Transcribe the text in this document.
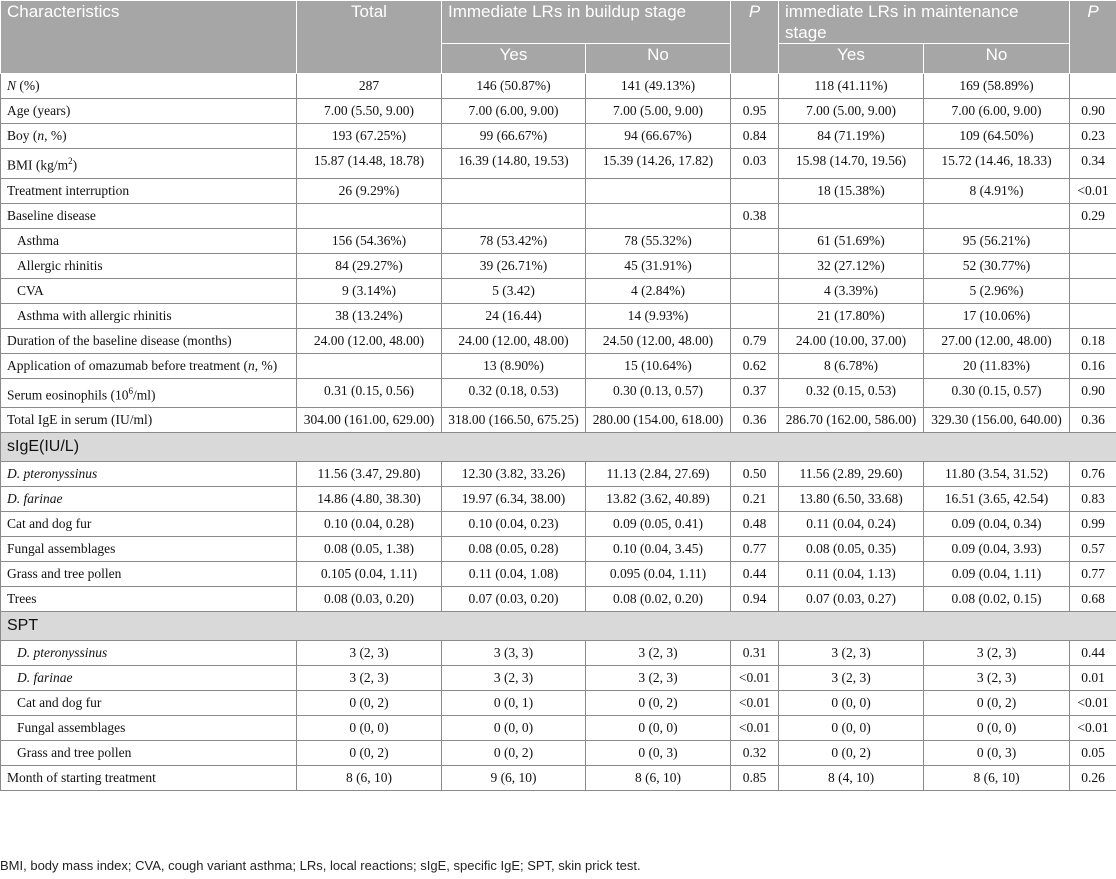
Characteristics	Total	Immediate LRs in buildup stage		P	immediate LRs in maintenance stage		P
		Yes	No		Yes	No	
N (%)	287	146 (50.87%)	141 (49.13%)		118 (41.11%)	169 (58.89%)	
Age (years)	7.00 (5.50, 9.00)	7.00 (6.00, 9.00)	7.00 (5.00, 9.00)	0.95	7.00 (5.00, 9.00)	7.00 (6.00, 9.00)	0.90
Boy (n, %)	193 (67.25%)	99 (66.67%)	94 (66.67%)	0.84	84 (71.19%)	109 (64.50%)	0.23
BMI $(kg/m^2)$	15.87 (14.48, 18.78)	16.39 (14.80, 19.53)	15.39 (14.26, 17.82)	0.03	15.98 (14.70, 19.56)	15.72 (14.46, 18.33)	0.34
Treatment interruption	26 (9.29%)				18 (15.38%)	8 (4.91%)	<0.01
Baseline disease				0.38			0.29
Asthma	156 (54.36%)	78 (53.42%)	78 (55.32%)		61 (51.69%)	95 (56.21%)	
Allergic rhinitis	84 (29.27%)	39 (26.71%)	45 (31.91%)		32 (27.12%)	52 (30.77%)	
CVA	9 (3.14%)	5 (3.42)	4 (2.84%)		4 (3.39%)	5 (2.96%)	
Asthma with allergic rhinitis	38 (13.24%)	24 (16.44)	14 (9.93%)		21 (17.80%)	17 (10.06%)	
Duration of the baseline disease (months)	24.00 (12.00, 48.00)	24.00 (12.00, 48.00)	24.50 (12.00, 48.00)	0.79	24.00 (10.00, 37.00)	27.00 (12.00, 48.00)	0.18
Application of omazumab before treatment (n, %)		13 (8.90%)	15 (10.64%)	0.62	8 (6.78%)	20 (11.83%)	0.16
Serum eosinophils $(10^6/ml)$	0.31 (0.15, 0.56)	0.32 (0.18, 0.53)	0.30 (0.13, 0.57)	0.37	0.32 (0.15, 0.53)	0.30 (0.15, 0.57)	0.90
Total IgE in serum (IU/ml)	304.00 (161.00, 629.00)	318.00 (166.50, 675.25)	280.00 (154.00, 618.00)	0.36	286.70 (162.00, 586.00)	329.30 (156.00, 640.00)	0.36
sIgE(IU/L)							
D. pteronyssinus	11.56 (3.47, 29.80)	12.30 (3.82, 33.26)	11.13 (2.84, 27.69)	0.50	11.56 (2.89, 29.60)	11.80 (3.54, 31.52)	0.76
D. farinae	14.86 (4.80, 38.30)	19.97 (6.34, 38.00)	13.82 (3.62, 40.89)	0.21	13.80 (6.50, 33.68)	16.51 (3.65, 42.54)	0.83
Cat and dog fur	0.10 (0.04, 0.28)	0.10 (0.04, 0.23)	0.09 (0.05, 0.41)	0.48	0.11 (0.04, 0.24)	0.09 (0.04, 0.34)	0.99
Fungal assemblages	0.08 (0.05, 1.38)	0.08 (0.05, 0.28)	0.10 (0.04, 3.45)	0.77	0.08 (0.05, 0.35)	0.09 (0.04, 3.93)	0.57
Grass and tree pollen	0.105 (0.04, 1.11)	0.11 (0.04, 1.08)	0.095 (0.04, 1.11)	0.44	0.11 (0.04, 1.13)	0.09 (0.04, 1.11)	0.77
Trees	0.08 (0.03, 0.20)	0.07 (0.03, 0.20)	0.08 (0.02, 0.20)	0.94	0.07 (0.03, 0.27)	0.08 (0.02, 0.15)	0.68
SPT							
D. pteronyssinus	3 (2, 3)	3 (3, 3)	3 (2, 3)	0.31	3 (2, 3)	3 (2, 3)	0.44
D. farinae	3 (2, 3)	3 (2, 3)	3 (2, 3)	<0.01	3 (2, 3)	3 (2, 3)	0.01
Cat and dog fur	0 (0, 2)	0 (0, 1)	0 (0, 2)	<0.01	0 (0, 0)	0 (0, 2)	<0.01
Fungal assemblages	0 (0, 0)	0 (0, 0)	0 (0, 0)	<0.01	0 (0, 0)	0 (0, 0)	<0.01
Grass and tree pollen	0 (0, 2)	0 (0, 2)	0 (0, 3)	0.32	0 (0, 2)	0 (0, 3)	0.05
Month of starting treatment	8 (6, 10)	9 (6, 10)	8 (6, 10)	0.85	8 (4, 10)	8 (6, 10)	0.26
BMI, body mass index; CVA, cough variant asthma; LRs, local reactions; sIgE, specific IgE; SPT, skin prick test.
